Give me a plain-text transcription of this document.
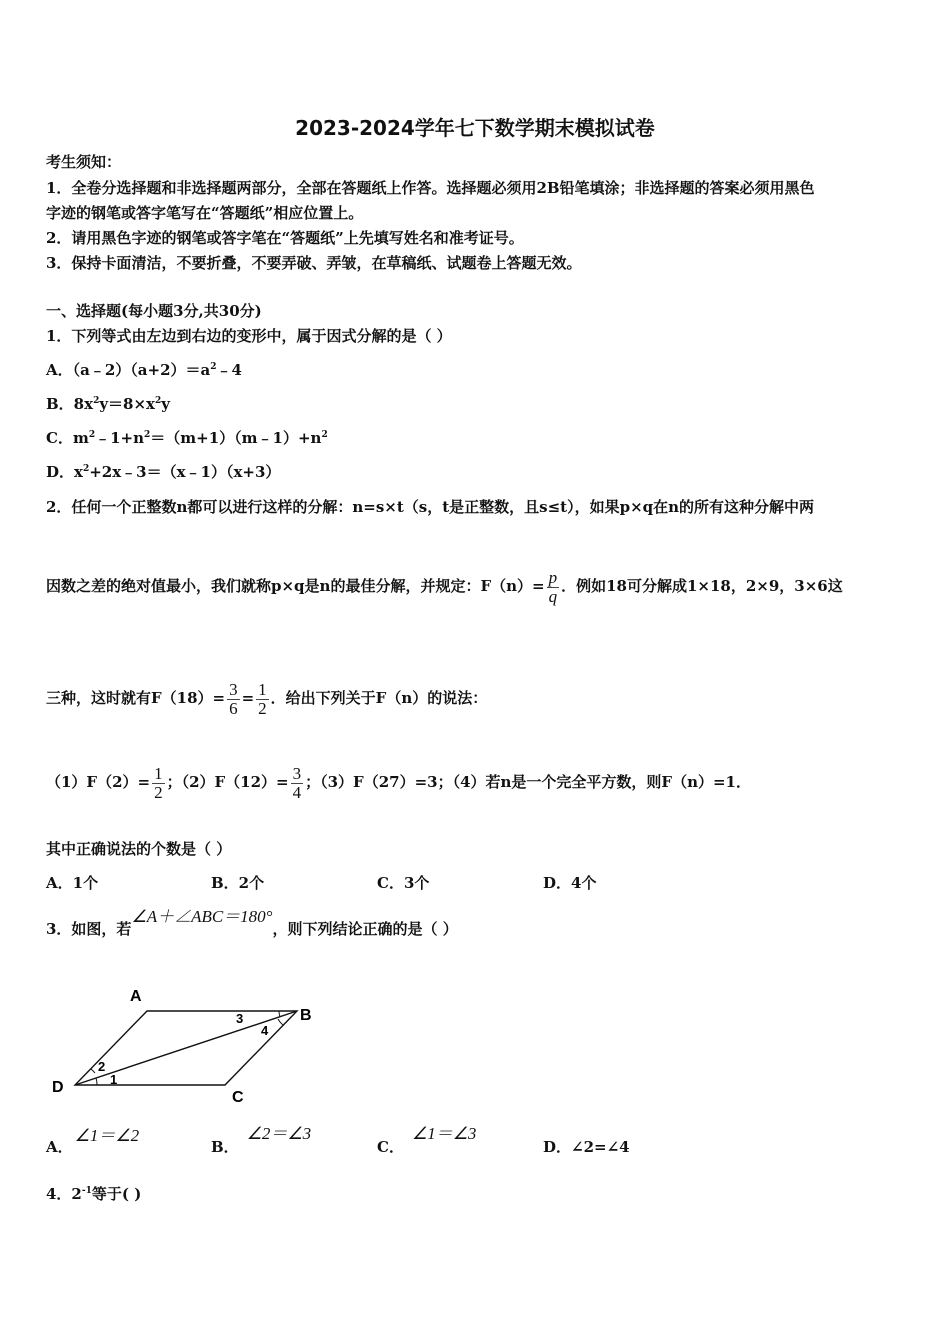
2023-2024学年七下数学期末模拟试卷
考生须知：
1．全卷分选择题和非选择题两部分，全部在答题纸上作答。选择题必须用2B铅笔填涂；非选择题的答案必须用黑色
字迹的钢笔或答字笔写在“答题纸”相应位置上。
2．请用黑色字迹的钢笔或答字笔在“答题纸”上先填写姓名和准考证号。
3．保持卡面清洁，不要折叠，不要弄破、弄皱，在草稿纸、试题卷上答题无效。
一、选择题(每小题3分,共30分)
1．下列等式由左边到右边的变形中，属于因式分解的是（ ）
A．$(a﹣2)(a+2)=a^2﹣4$
B．$8x^2y=8\times x^2y$
C．$m^2﹣1+n^2=(m+1)(m﹣1)+n^2$
D．$x^2+2x﹣3=(x﹣1)(x+3)$
2．任何一个正整数n都可以进行这样的分解：n=s×t（s，t是正整数，且s≤t），如果p×q在n的所有这种分解中两
因数之差的绝对值最小，我们就称p×q是n的最佳分解，并规定：$F(n)= \frac{p}{q}$ ．例如18可分解成1×18，2×9，3×6这
三种，这时就有$F(18)= \frac{3}{6} = \frac{1}{2}$ ．给出下列关于F（n）的说法：
$(1)F(2)= \frac{1}{2}$ ；$(2)F(12)= \frac{3}{4}$ ；（3）F（27）=3；（4）若n是一个完全平方数，则F（n）=1．
其中正确说法的个数是（ ）
A．1个	B．2个	C．3个	D．4个
3．如图，若∠A＋∠ABC＝180°，则下列结论正确的是（ ）
A
B
C
D	1
2
3
4
A．∠1＝∠2
B．∠2＝∠3
C．∠1＝∠3
D．∠2=∠4
4．$2^{-1}$等于( )
